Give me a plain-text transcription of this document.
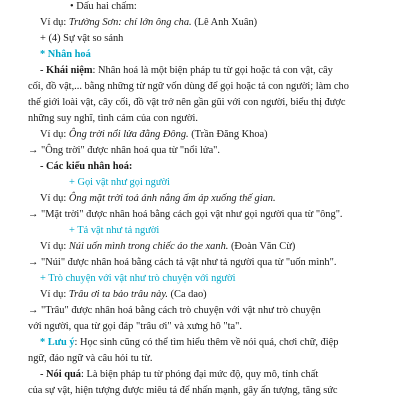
• Dấu hai chấm:
Ví dụ: Trường Sơn: chí lớn ông cha. (Lê Anh Xuân)
+ (4) Sự vật so sánh
* Nhân hoá
- Khái niệm: Nhân hoá là một biện pháp tu từ gọi hoặc tả con vật, cây
cối, đồ vật,... bằng những từ ngữ vốn dùng để gọi hoặc tả con người; làm cho
thế giới loài vật, cây cối, đồ vật trở nên gần gũi với con người, biểu thị được
những suy nghĩ, tình cảm của con người.
Ví dụ: Ông trời nổi lửa đằng Đông. (Trần Đăng Khoa)
→ "Ông trời" được nhân hoá qua từ "nổi lửa".
- Các kiểu nhân hoá:
+ Gọi vật như gọi người
Ví dụ: Ông mặt trời toả ánh nắng ấm áp xuống thế gian.
→ "Mặt trời" được nhân hoá bằng cách gọi vật như gọi người qua từ "ông".
+ Tả vật như tả người
Ví dụ: Núi uốn mình trong chiếc áo the xanh. (Đoàn Văn Cừ)
→ "Núi" được nhân hoá bằng cách tả vật như tả người qua từ "uốn mình".
+ Trò chuyện với vật như trò chuyện với người
Ví dụ: Trâu ơi ta bảo trâu này. (Ca dao)
→ "Trâu" được nhân hoá bằng cách trò chuyện với vật như trò chuyện
với người, qua từ gọi đáp "trâu ơi" và xưng hô "ta".
* Lưu ý: Học sinh cũng có thể tìm hiểu thêm về nói quá, chơi chữ, điệp
ngữ, đảo ngữ và câu hỏi tu từ.
- Nói quá: Là biện pháp tu từ phóng đại mức độ, quy mô, tính chất
của sự vật, hiện tượng được miêu tả để nhấn mạnh, gây ấn tượng, tăng sức
